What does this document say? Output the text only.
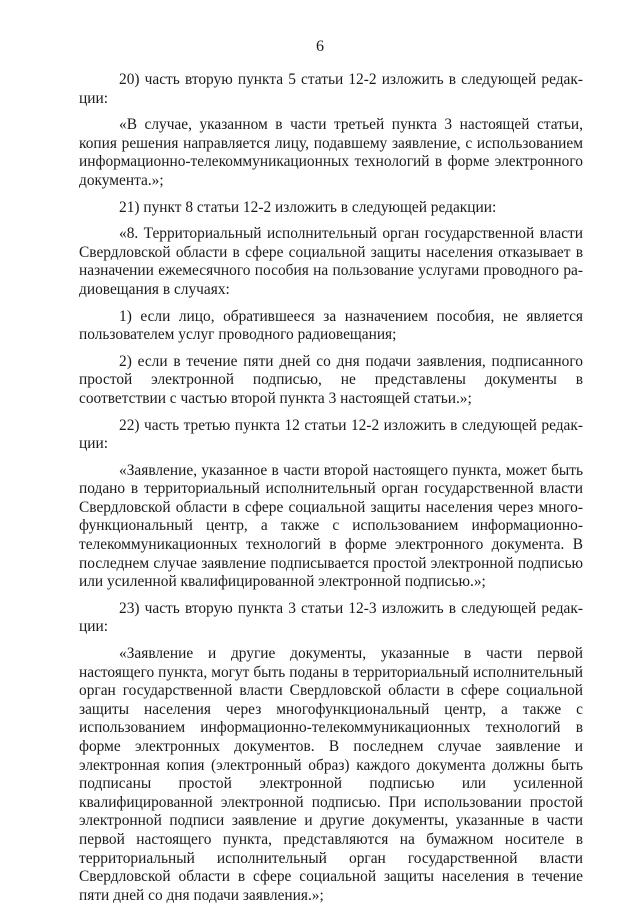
6

20) часть вторую пункта 5 статьи 12-2 изложить в следующей редакции:

«В случае, указанном в части третьей пункта 3 настоящей статьи, копия решения направляется лицу, подавшему заявление, с использованием информационно-телекоммуникационных технологий в форме электронного документа.»;

21) пункт 8 статьи 12-2 изложить в следующей редакции:

«8. Территориальный исполнительный орган государственной власти Свердловской области в сфере социальной защиты населения отказывает в назначении ежемесячного пособия на пользование услугами проводного радиовещания в случаях:

1) если лицо, обратившееся за назначением пособия, не является пользователем услуг проводного радиовещания;

2) если в течение пяти дней со дня подачи заявления, подписанного простой электронной подписью, не представлены документы в соответствии с частью второй пункта 3 настоящей статьи.»;

22) часть третью пункта 12 статьи 12-2 изложить в следующей редакции:

«Заявление, указанное в части второй настоящего пункта, может быть подано в территориальный исполнительный орган государственной власти Свердловской области в сфере социальной защиты населения через многофункциональный центр, а также с использованием информационно-телекоммуникационных технологий в форме электронного документа. В последнем случае заявление подписывается простой электронной подписью или усиленной квалифицированной электронной подписью.»;

23) часть вторую пункта 3 статьи 12-3 изложить в следующей редакции:

«Заявление и другие документы, указанные в части первой настоящего пункта, могут быть поданы в территориальный исполнительный орган государственной власти Свердловской области в сфере социальной защиты населения через многофункциональный центр, а также с использованием информационно-телекоммуникационных технологий в форме электронных документов. В последнем случае заявление и электронная копия (электронный образ) каждого документа должны быть подписаны простой электронной подписью или усиленной квалифицированной электронной подписью. При использовании простой электронной подписи заявление и другие документы, указанные в части первой настоящего пункта, представляются на бумажном носителе в территориальный исполнительный орган государственной власти Свердловской области в сфере социальной защиты населения в течение пяти дней со дня подачи заявления.»;
